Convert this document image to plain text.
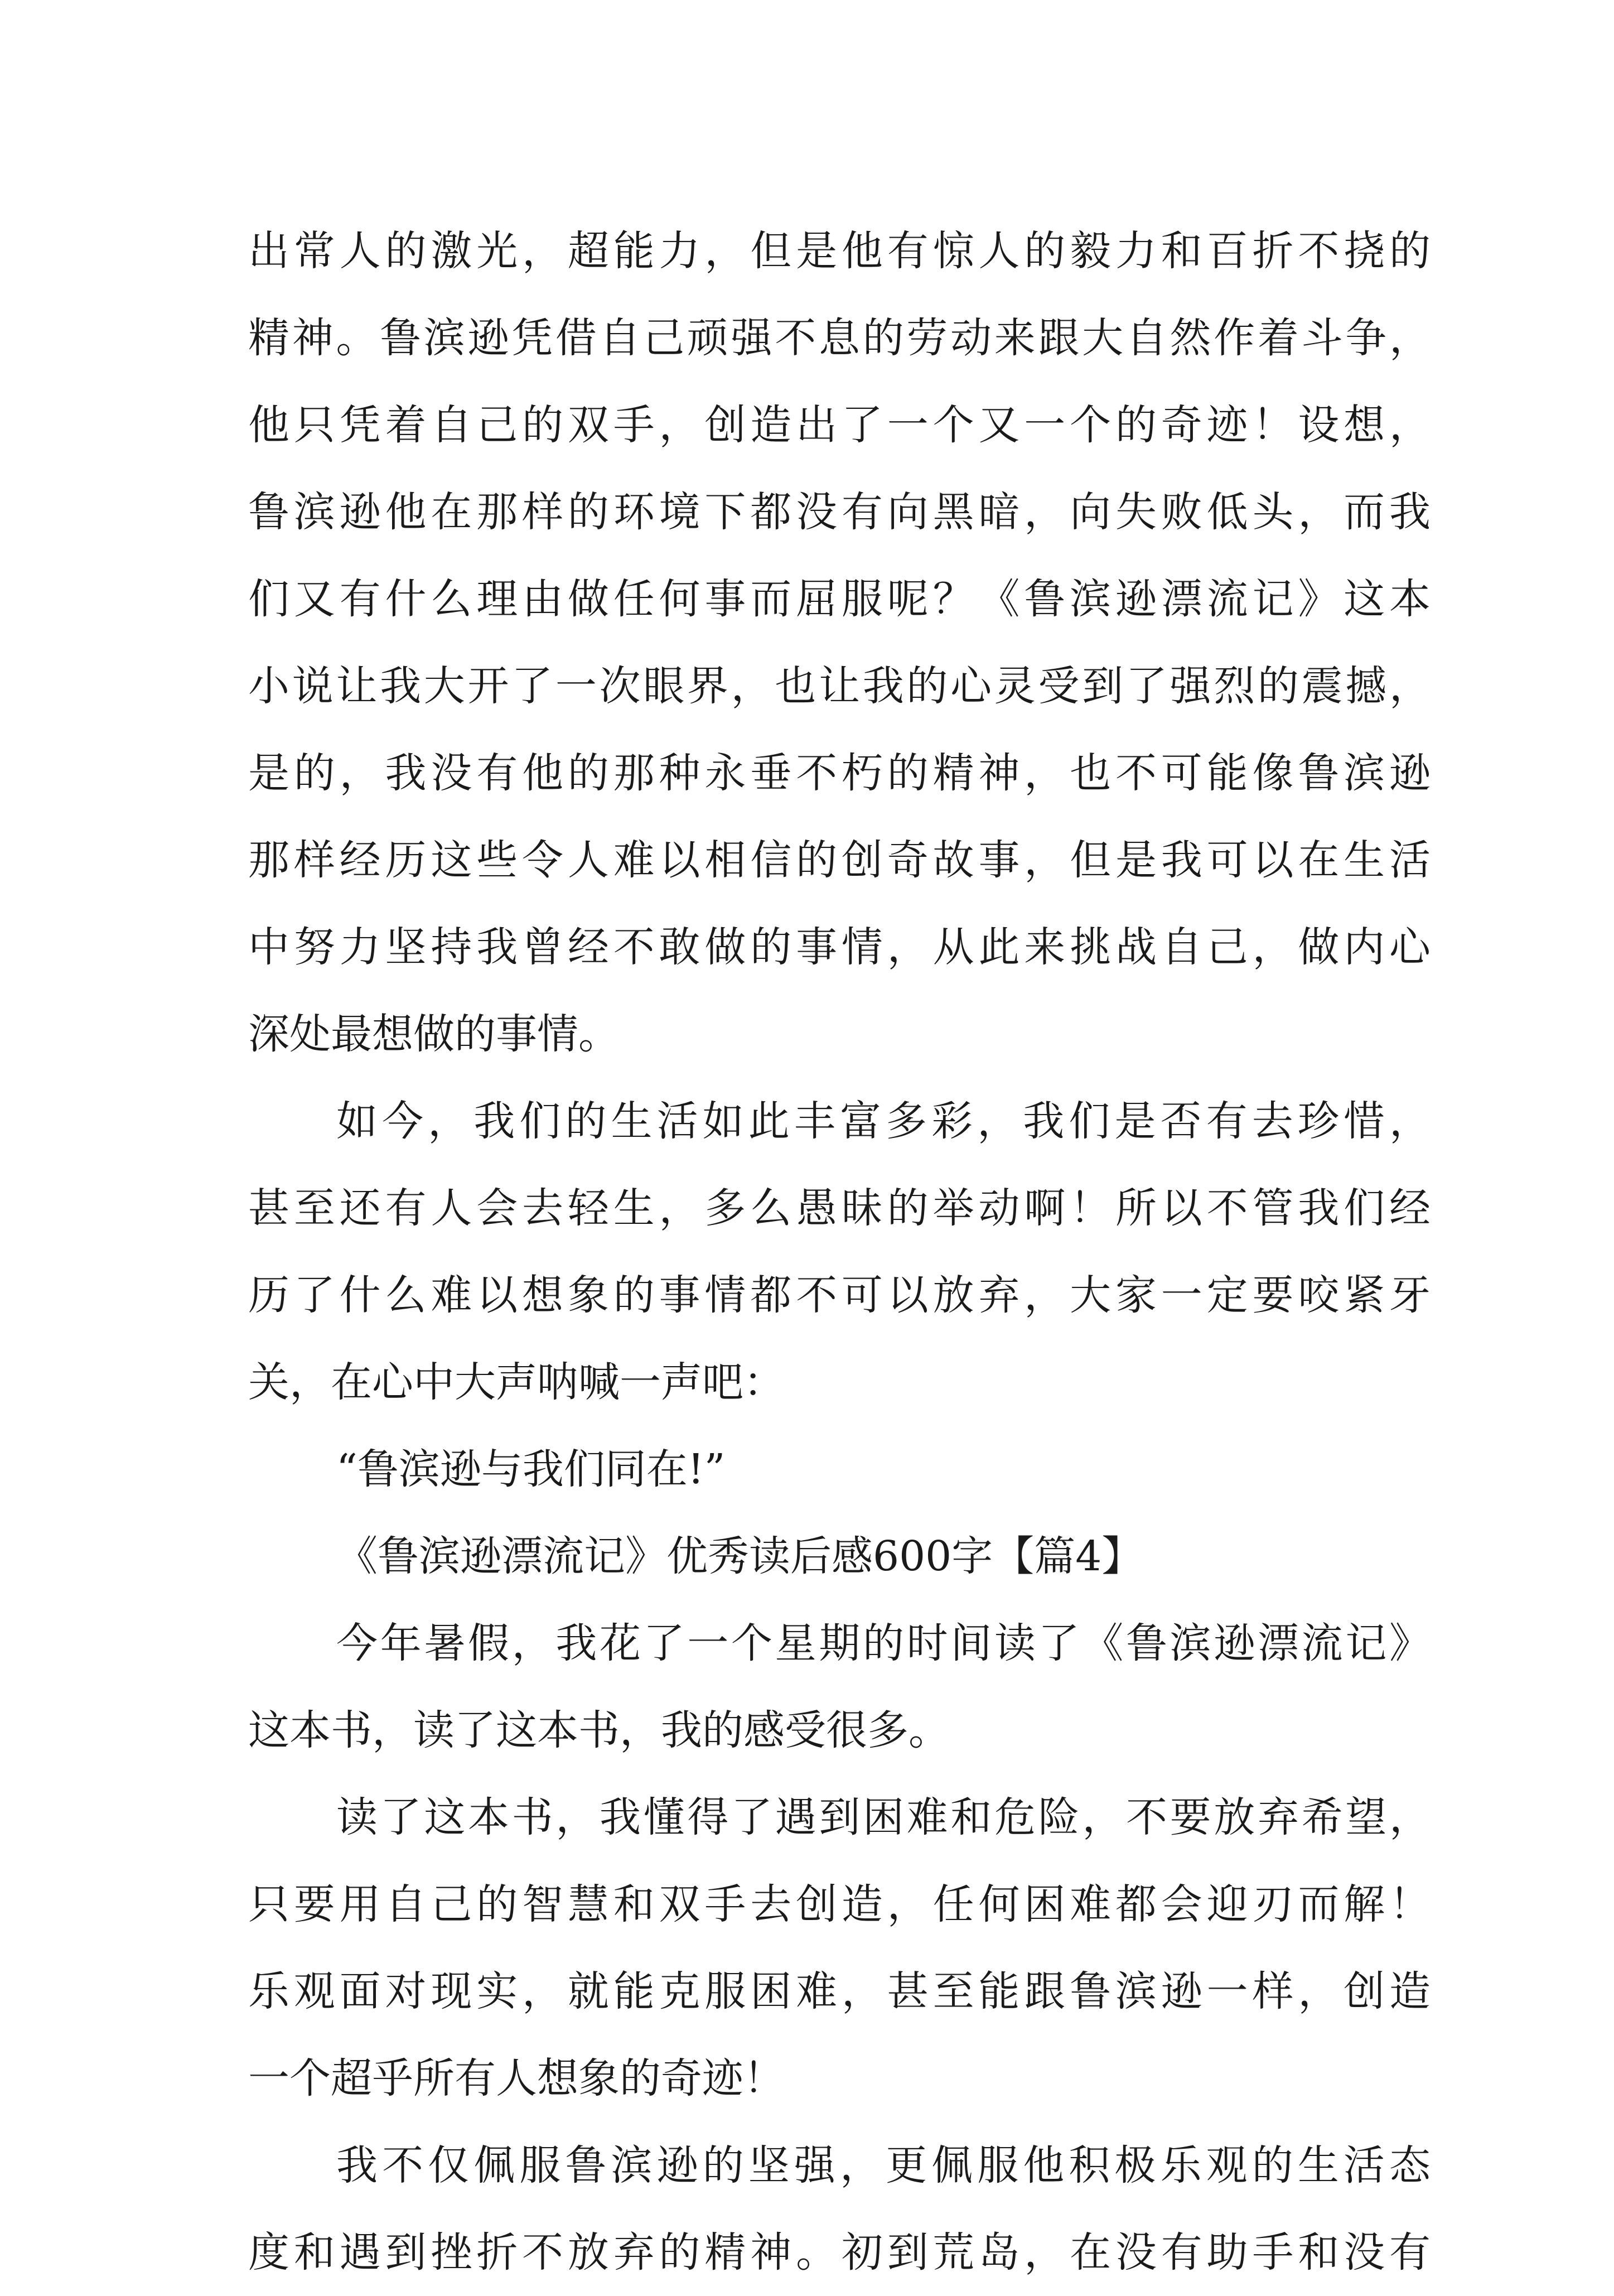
出常人的激光，超能力，但是他有惊人的毅力和百折不挠的
精神。鲁滨逊凭借自己顽强不息的劳动来跟大自然作着斗争，
他只凭着自己的双手，创造出了一个又一个的奇迹！设想，
鲁滨逊他在那样的环境下都没有向黑暗，向失败低头，而我
们又有什么理由做任何事而屈服呢？《鲁滨逊漂流记》这本
小说让我大开了一次眼界，也让我的心灵受到了强烈的震撼，
是的，我没有他的那种永垂不朽的精神，也不可能像鲁滨逊
那样经历这些令人难以相信的创奇故事，但是我可以在生活
中努力坚持我曾经不敢做的事情，从此来挑战自己，做内心
深处最想做的事情。
如今，我们的生活如此丰富多彩，我们是否有去珍惜，
甚至还有人会去轻生，多么愚昧的举动啊！所以不管我们经
历了什么难以想象的事情都不可以放弃，大家一定要咬紧牙
关，在心中大声呐喊一声吧：
“鲁滨逊与我们同在!”
《鲁滨逊漂流记》优秀读后感600字【篇4】
今年暑假，我花了一个星期的时间读了《鲁滨逊漂流记》
这本书，读了这本书，我的感受很多。
读了这本书，我懂得了遇到困难和危险，不要放弃希望，
只要用自己的智慧和双手去创造，任何困难都会迎刃而解！
乐观面对现实，就能克服困难，甚至能跟鲁滨逊一样，创造
一个超乎所有人想象的奇迹！
我不仅佩服鲁滨逊的坚强，更佩服他积极乐观的生活态
度和遇到挫折不放弃的精神。初到荒岛，在没有助手和没有
